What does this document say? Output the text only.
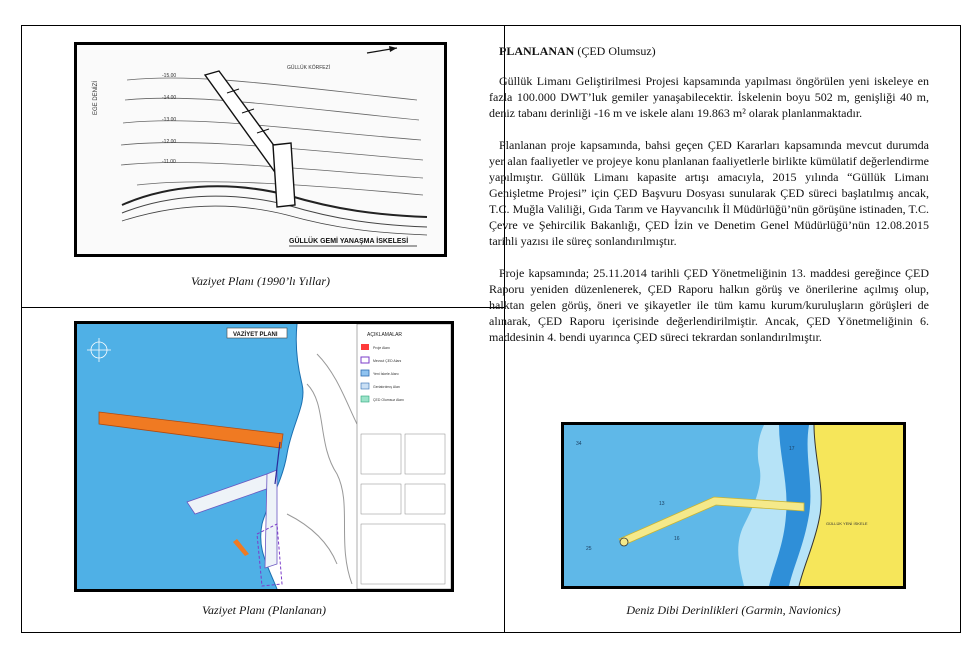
GÜLLÜK KÖRFEZİ
EGE DENİZİ
-15.00
-14.00
-13.00
-12.00
-11.00
GÜLLÜK GEMİ YANAŞMA İSKELESİ
Vaziyet Planı (1990’lı Yıllar)
AÇIKLAMALAR
Proje Alanı
Mevcut ÇED Alanı
Yeni İskele Alanı
Geriatırılmış Alan
ÇED Olumsuz Alanı
VAZİYET PLANI
Vaziyet Planı (Planlanan)
PLANLANAN (ÇED Olumsuz)

Güllük Limanı Geliştirilmesi Projesi kapsamında yapılması öngörülen yeni iskeleye en fazla 100.000 DWT’luk gemiler yanaşabilecektir. İskelenin boyu 502 m, genişliği 40 m, deniz tabanı derinliği -16 m ve iskele alanı 19.863 m² olarak planlanmaktadır.

Planlanan proje kapsamında, bahsi geçen ÇED Kararları kapsamında mevcut durumda yer alan faaliyetler ve projeye konu planlanan faaliyetlerle birlikte kümülatif değerlendirme yapılmıştır. Güllük Limanı kapasite artışı amacıyla, 2015 yılında “Güllük Limanı Genişletme Projesi” için ÇED Başvuru Dosyası sunularak ÇED süreci başlatılmış ancak, T.C. Muğla Valiliği, Gıda Tarım ve Hayvancılık İl Müdürlüğü’nün görüşüne istinaden, T.C. Çevre ve Şehircilik Bakanlığı, ÇED İzin ve Denetim Genel Müdürlüğü’nün 12.08.2015 tarihli yazısı ile süreç sonlandırılmıştır.

Proje kapsamında; 25.11.2014 tarihli ÇED Yönetmeliğinin 13. maddesi gereğince ÇED Raporu yeniden düzenlenerek, ÇED Raporu halkın görüş ve önerilerine açılmış olup, halktan gelen görüş, öneri ve şikayetler ile tüm kamu kurum/kuruluşların görüşleri de alınarak, ÇED Raporu içerisinde değerlendirilmiştir. Ancak, ÇED Yönetmeliğinin 6. maddesinin 4. bendi uyarınca ÇED süreci tekrardan sonlandırılmıştır.

34
13
16
25
17
GÜLLÜK YENİ İSKELE
Deniz Dibi Derinlikleri (Garmin, Navionics)
